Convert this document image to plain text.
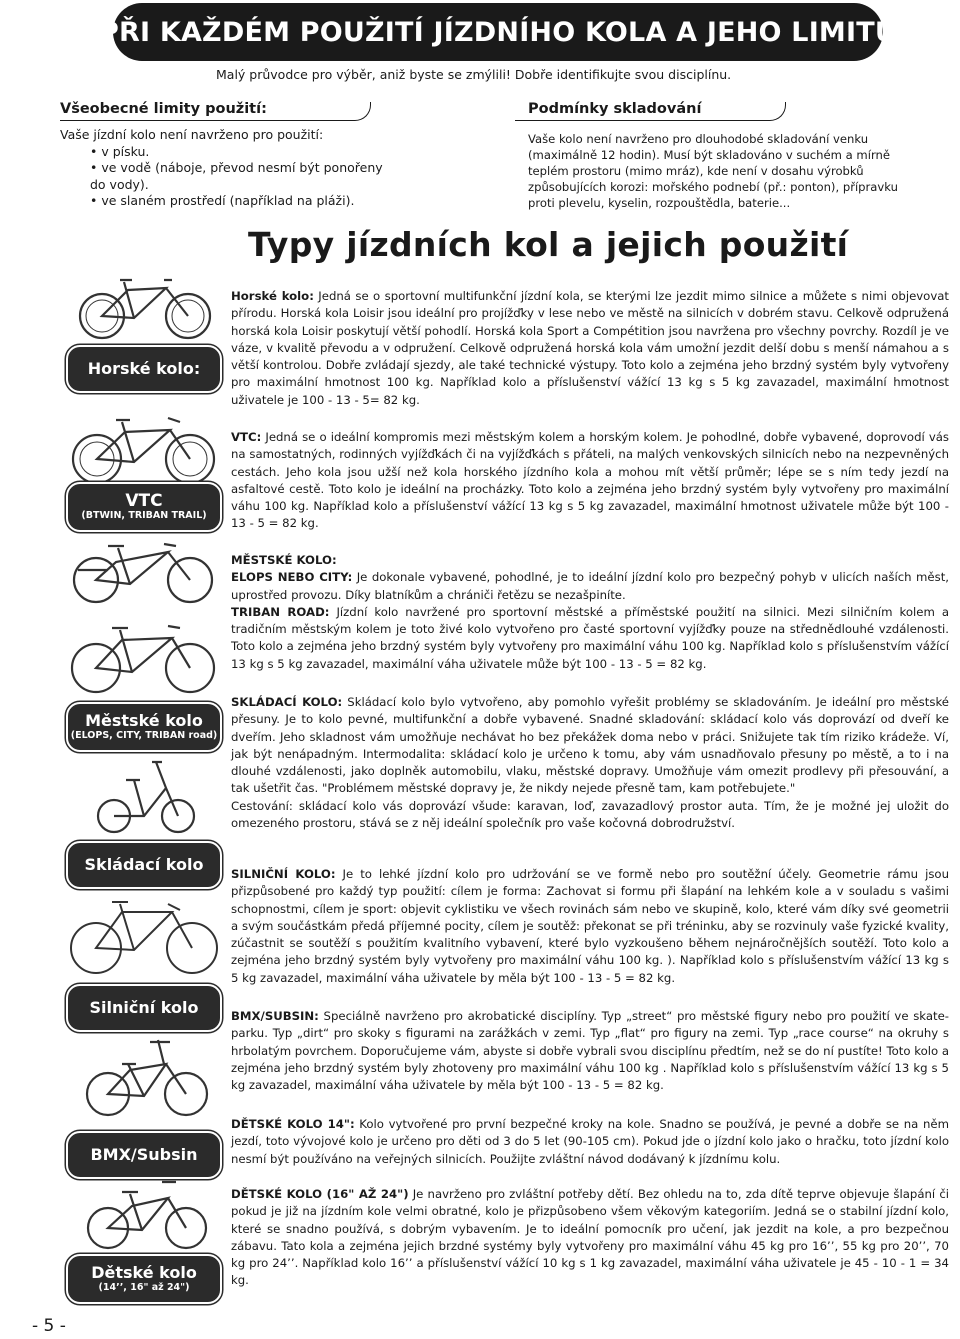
PŘI KAŽDÉM POUŽITÍ JÍZDNÍHO KOLA A JEHO LIMITŮ
Malý průvodce pro výběr, aniž byste se zmýlili! Dobře identifikujte svou disciplínu.
Všeobecné limity použití:
Vaše jízdní kolo není navrženo pro použití:
• v písku.
• ve vodě (náboje, převod nesmí být ponořeny do vody).
• ve slaném prostředí (například na pláži).
Podmínky skladování
Vaše kolo není navrženo pro dlouhodobé skladování venku (maximálně 12 hodin). Musí být skladováno v suchém a mírně teplém prostoru (mimo mráz), kde není v dosahu výrobků způsobujících korozi: mořského podnebí (př.: ponton), přípravku proti plevelu, kyselin, rozpouštědla, baterie...
Typy jízdních kol a jejich použití
Horské kolo:
VTC
(BTWIN, TRIBAN TRAIL)
Městské kolo
(ELOPS, CITY, TRIBAN road)
Skládací kolo
Silniční kolo
BMX/Subsin
Dětské kolo
(14’’, 16" až 24")

Horské kolo: Jedná se o sportovní multifunkční jízdní kola, se kterými lze jezdit mimo silnice a můžete s nimi objevovat přírodu. Horská kola Loisir jsou ideální pro projížďky v lese nebo ve městě na silnicích v dobrém stavu. Celkově odpružená horská kola Loisir poskytují větší pohodlí. Horská kola Sport a Compétition jsou navržena pro všechny povrchy. Rozdíl je ve váze, v kvalitě převodu a v odpružení. Celkově odpružená horská kola vám umožní jezdit delší dobu s menší námahou a s větší kontrolou. Dobře zvládají sjezdy, ale také technické výstupy. Toto kolo a zejména jeho brzdný systém byly vytvořeny pro maximální hmotnost 100 kg. Například kolo a příslušenství vážící 13 kg s 5 kg zavazadel, maximální hmotnost uživatele je 100 - 13 - 5= 82 kg.

VTC: Jedná se o ideální kompromis mezi městským kolem a horským kolem. Je pohodlné, dobře vybavené, doprovodí vás na samostatných, rodinných vyjížďkách či na vyjížďkách s přáteli, na malých venkovských silnicích nebo na nezpevněných cestách. Jeho kola jsou užší než kola horského jízdního kola a mohou mít větší průměr; lépe se s ním tedy jezdí na asfaltové cestě. Toto kolo je ideální na procházky. Toto kolo a zejména jeho brzdný systém byly vytvořeny pro maximální váhu 100 kg. Například kolo a příslušenství vážící 13 kg s 5 kg zavazadel, maximální hmotnost uživatele může být 100 - 13 - 5 = 82 kg.

MĚSTSKÉ KOLO:

ELOPS NEBO CITY: Je dokonale vybavené, pohodlné, je to ideální jízdní kolo pro bezpečný pohyb v ulicích naších měst, uprostřed provozu. Díky blatníkům a chrániči řetězu se nezašpiníte.

TRIBAN ROAD: Jízdní kolo navržené pro sportovní městské a příměstské použití na silnici. Mezi silničním kolem a tradičním městským kolem je toto živé kolo vytvořeno pro časté sportovní vyjížďky pouze na střednědlouhé vzdálenosti. Toto kolo a zejména jeho brzdný systém byly vytvořeny pro maximální váhu 100 kg. Například kolo s příslušenstvím vážící 13 kg s 5 kg zavazadel, maximální váha uživatele může být 100 - 13 - 5 = 82 kg.

SKLÁDACÍ KOLO: Skládací kolo bylo vytvořeno, aby pomohlo vyřešit problémy se skladováním. Je ideální pro městské přesuny. Je to kolo pevné, multifunkční a dobře vybavené. Snadné skladování: skládací kolo vás doprovází od dveří ke dveřím. Jeho skladnost vám umožňuje nechávat ho bez překážek doma nebo v práci. Snižujete tak tím riziko krádeže. Ví, jak být nenápadným. Intermodalita: skládací kolo je určeno k tomu, aby vám usnadňovalo přesuny po městě, a to i na dlouhé vzdálenosti, jako doplněk automobilu, vlaku, městské dopravy. Umožňuje vám omezit prodlevy při přesouvání, a tak ušetřit čas. "Problémem městské dopravy je, že nikdy nejede přesně tam, kam potřebujete."

Cestování: skládací kolo vás doprovází všude: karavan, loď, zavazadlový prostor auta. Tím, že je možné jej uložit do omezeného prostoru, stává se z něj ideální společník pro vaše kočovná dobrodružství.

SILNIČNÍ KOLO: Je to lehké jízdní kolo pro udržování se ve formě nebo pro soutěžní účely. Geometrie rámu jsou přizpůsobené pro každý typ použití: cílem je forma: Zachovat si formu při šlapání na lehkém kole a v souladu s vašimi schopnostmi, cílem je sport: objevit cyklistiku ve všech rovinách sám nebo ve skupině, kolo, které vám díky své geometrii a svým součástkám předá příjemné pocity, cílem je soutěž: překonat se při tréninku, aby se rozvinuly vaše fyzické kvality, zúčastnit se soutěží s použitím kvalitního vybavení, které bylo vyzkoušeno během nejnáročnějších soutěží. Toto kolo a zejména jeho brzdný systém byly vytvořeny pro maximální váhu 100 kg. ). Například kolo s příslušenstvím vážící 13 kg s 5 kg zavazadel, maximální váha uživatele by měla být 100 - 13 - 5 = 82 kg.

BMX/SUBSIN: Speciálně navrženo pro akrobatické disciplíny. Typ „street“ pro městské figury nebo pro použití ve skate-parku. Typ „dirt“ pro skoky s figurami na zarážkách v zemi. Typ „flat“ pro figury na zemi. Typ „race course“ na okruhy s hrbolatým povrchem. Doporučujeme vám, abyste si dobře vybrali svou disciplínu předtím, než se do ní pustíte! Toto kolo a zejména jeho brzdný systém byly zhotoveny pro maximální váhu 100 kg . Například kolo s příslušenstvím vážící 13 kg s 5 kg zavazadel, maximální váha uživatele by měla být 100 - 13 - 5 = 82 kg.

DĚTSKÉ KOLO 14": Kolo vytvořené pro první bezpečné kroky na kole. Snadno se používá, je pevné a dobře se na něm jezdí, toto vývojové kolo je určeno pro děti od 3 do 5 let (90-105 cm). Pokud jde o jízdní kolo jako o hračku, toto jízdní kolo nesmí být používáno na veřejných silnicích. Použijte zvláštní návod dodávaný k jízdnímu kolu.

DĚTSKÉ KOLO (16" AŽ 24") Je navrženo pro zvláštní potřeby dětí. Bez ohledu na to, zda dítě teprve objevuje šlapání či pokud je již na jízdním kole velmi obratné, kolo je přizpůsobeno všem věkovým kategoriím. Jedná se o stabilní jízdní kolo, které se snadno používá, s dobrým vybavením. Je to ideální pomocník pro učení, jak jezdit na kole, a pro bezpečnou zábavu. Tato kola a zejména jejich brzdné systémy byly vytvořeny pro maximální váhu 45 kg pro 16’’, 55 kg pro 20’’, 70 kg pro 24’’. Například kolo 16’’ a příslušenství vážící 10 kg s 1 kg zavazadel, maximální váha uživatele je 45 - 10 - 1 = 34 kg.

- 5 -
